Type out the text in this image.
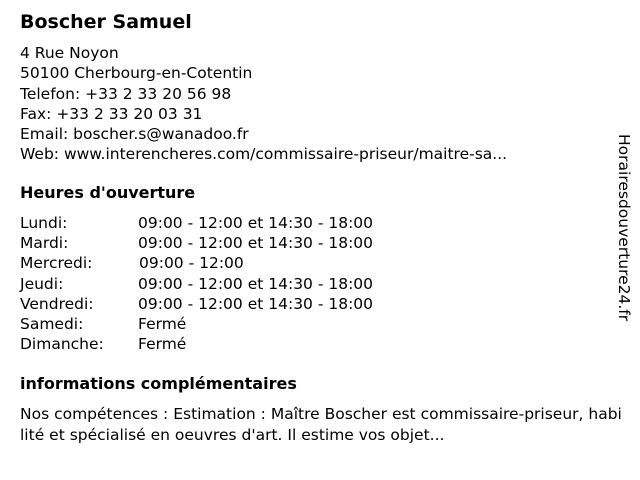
Boscher Samuel
4 Rue Noyon
50100 Cherbourg-en-Cotentin
Telefon: +33 2 33 20 56 98
Fax: +33 2 33 20 03 31
Email: boscher.s@wanadoo.fr
Web: www.interencheres.com/commissaire-priseur/maitre-sa...
Heures d'ouverture
Lundi:	09:00 - 12:00 et 14:30 - 18:00
Mardi:	09:00 - 12:00 et 14:30 - 18:00
Mercredi:	09:00 - 12:00
Jeudi:	09:00 - 12:00 et 14:30 - 18:00
Vendredi:	09:00 - 12:00 et 14:30 - 18:00
Samedi:	Fermé
Dimanche: Fermé
informations complémentaires
Nos compétences : Estimation : Maître Boscher est commissaire-priseur, habilité et spécialisé en oeuvres d'art. Il estime vos objet...
Horairesdouverture24.fr
